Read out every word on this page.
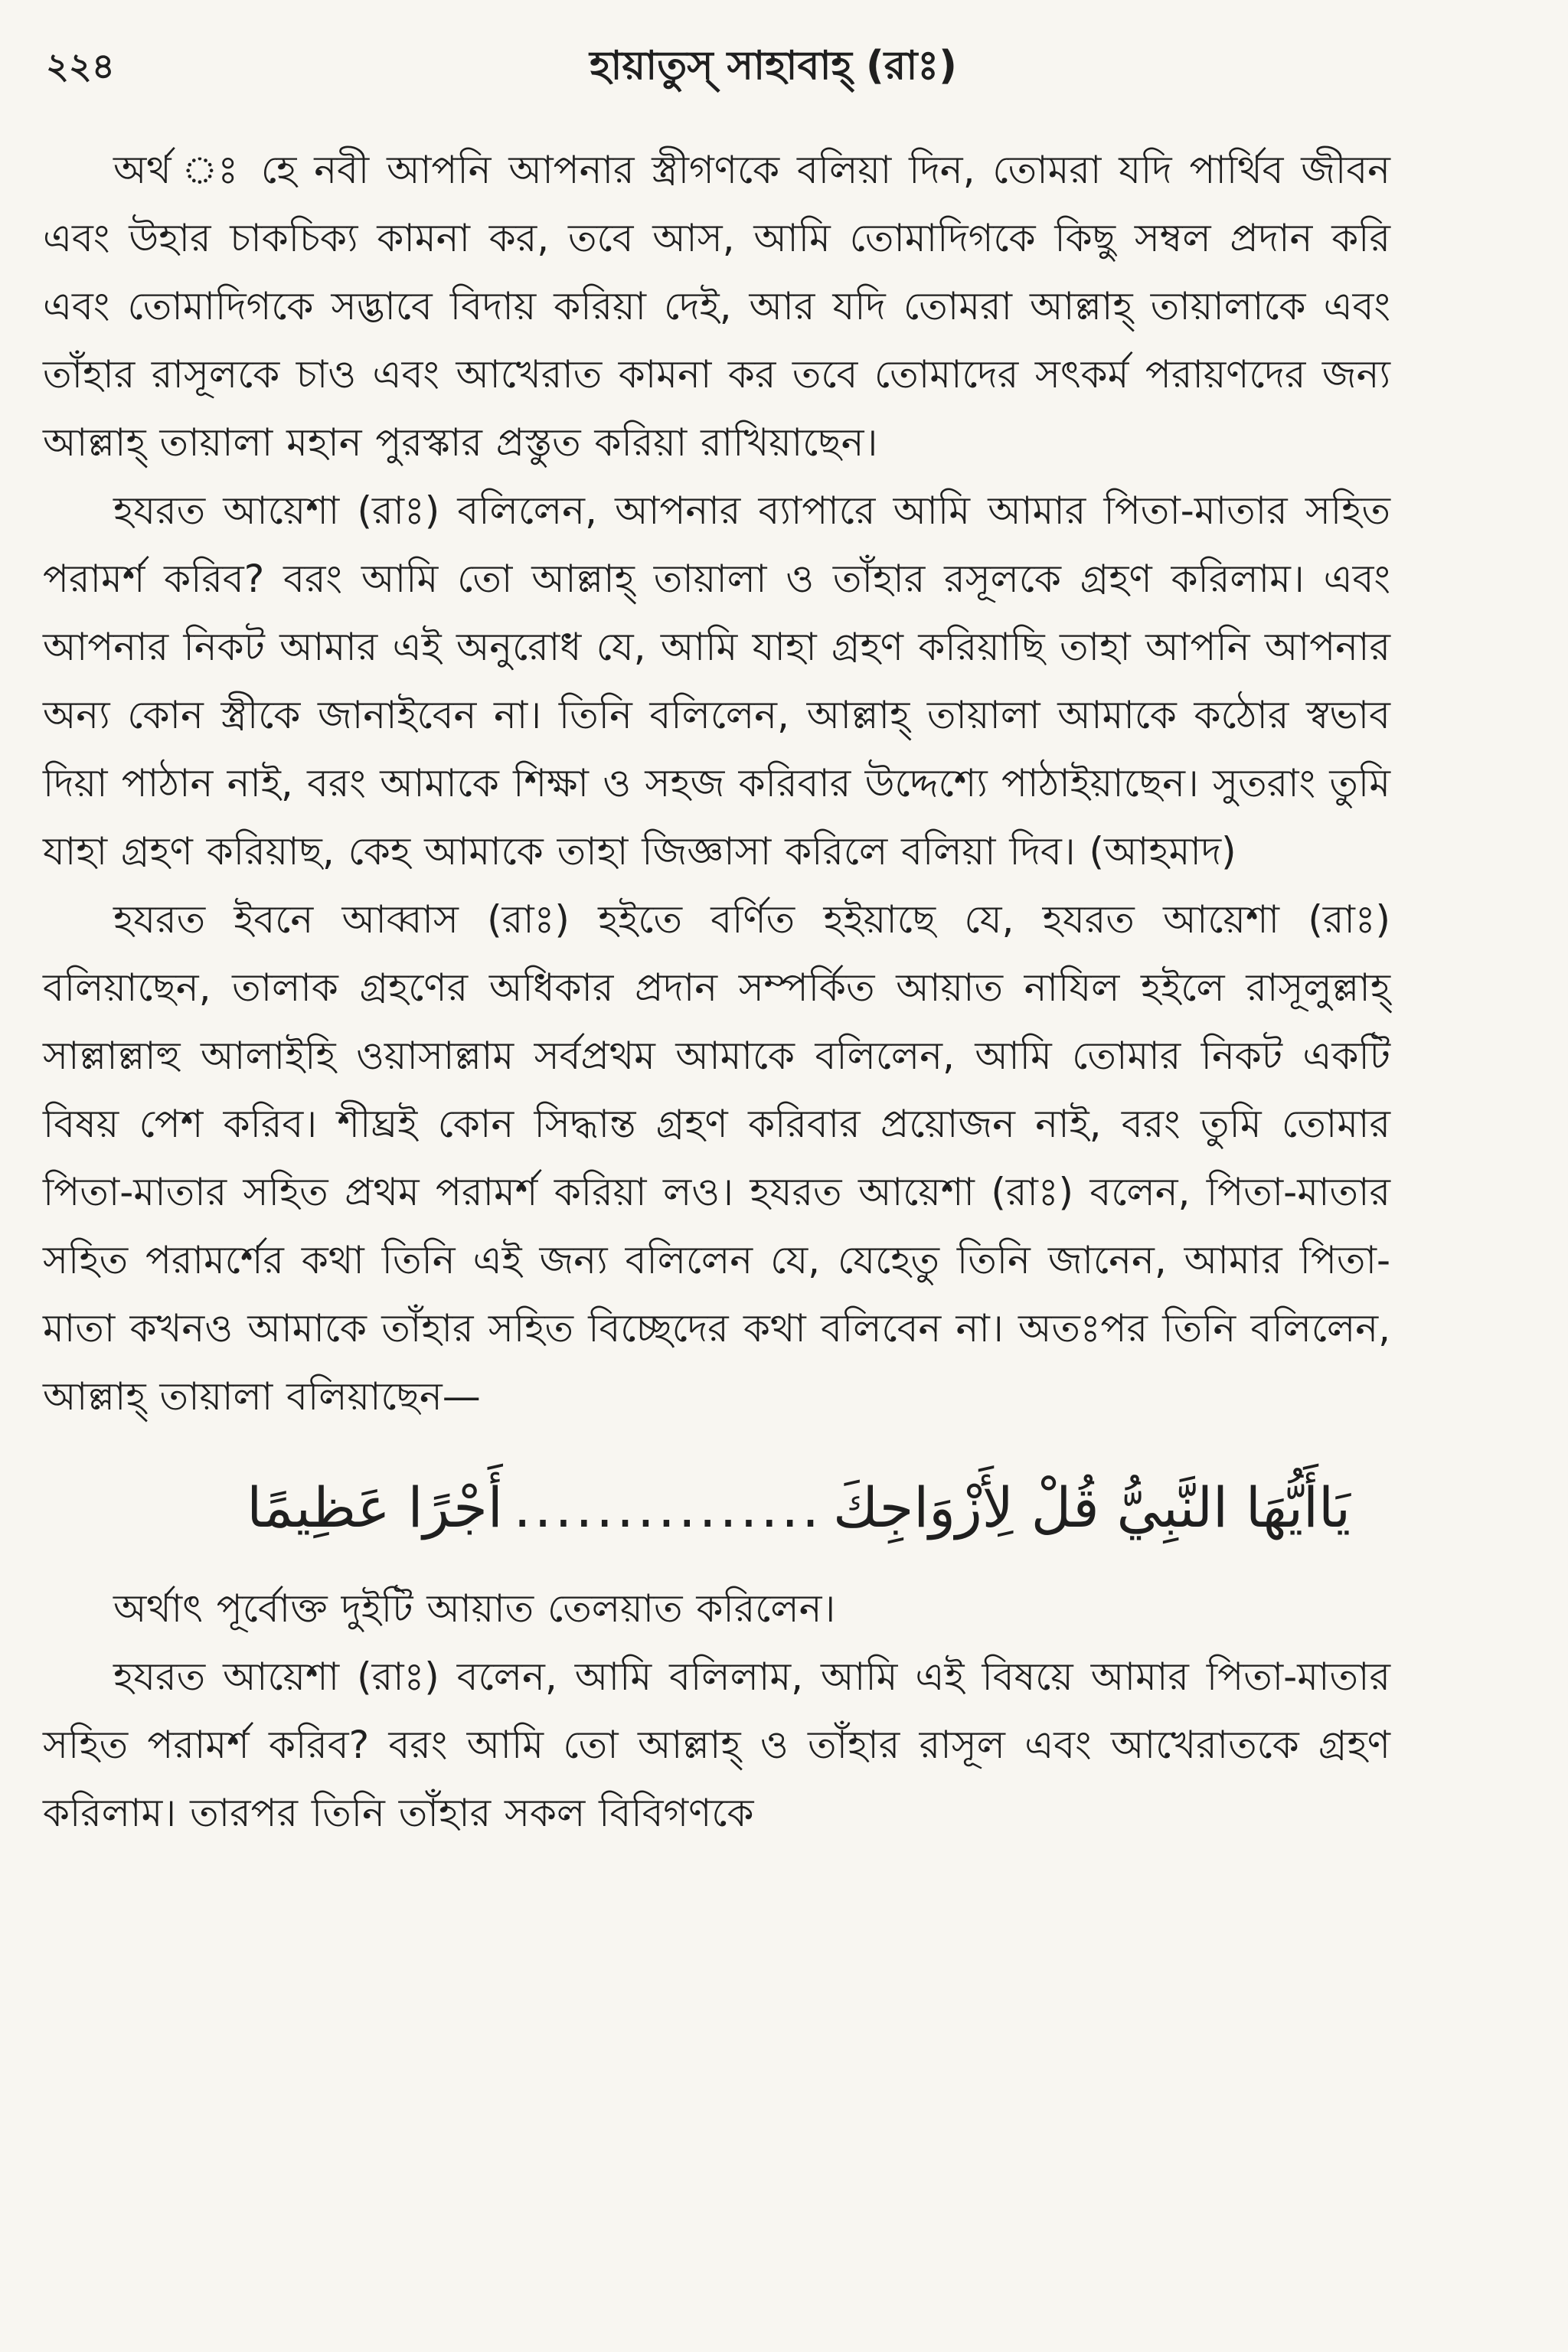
২২৪	হায়াতুস্ সাহাবাহ্ (রাঃ)

অর্থ ঃ হে নবী আপনি আপনার স্ত্রীগণকে বলিয়া দিন, তোমরা যদি পার্থিব জীবন এবং উহার চাকচিক্য কামনা কর, তবে আস, আমি তোমাদিগকে কিছু সম্বল প্রদান করি এবং তোমাদিগকে সদ্ভাবে বিদায় করিয়া দেই, আর যদি তোমরা আল্লাহ্ তায়ালাকে এবং তাঁহার রাসূলকে চাও এবং আখেরাত কামনা কর তবে তোমাদের সৎকর্ম পরায়ণদের জন্য আল্লাহ্ তায়ালা মহান পুরস্কার প্রস্তুত করিয়া রাখিয়াছেন।

হযরত আয়েশা (রাঃ) বলিলেন, আপনার ব্যাপারে আমি আমার পিতা-মাতার সহিত পরামর্শ করিব? বরং আমি তো আল্লাহ্ তায়ালা ও তাঁহার রসূলকে গ্রহণ করিলাম। এবং আপনার নিকট আমার এই অনুরোধ যে, আমি যাহা গ্রহণ করিয়াছি তাহা আপনি আপনার অন্য কোন স্ত্রীকে জানাইবেন না। তিনি বলিলেন, আল্লাহ্ তায়ালা আমাকে কঠোর স্বভাব দিয়া পাঠান নাই, বরং আমাকে শিক্ষা ও সহজ করিবার উদ্দেশ্যে পাঠাইয়াছেন। সুতরাং তুমি যাহা গ্রহণ করিয়াছ, কেহ আমাকে তাহা জিজ্ঞাসা করিলে বলিয়া দিব। (আহমাদ)

হযরত ইবনে আব্বাস (রাঃ) হইতে বর্ণিত হইয়াছে যে, হযরত আয়েশা (রাঃ) বলিয়াছেন, তালাক গ্রহণের অধিকার প্রদান সম্পর্কিত আয়াত নাযিল হইলে রাসূলুল্লাহ্ সাল্লাল্লাহু আলাইহি ওয়াসাল্লাম সর্বপ্রথম আমাকে বলিলেন, আমি তোমার নিকট একটি বিষয় পেশ করিব। শীঘ্রই কোন সিদ্ধান্ত গ্রহণ করিবার প্রয়োজন নাই, বরং তুমি তোমার পিতা-মাতার সহিত প্রথম পরামর্শ করিয়া লও। হযরত আয়েশা (রাঃ) বলেন, পিতা-মাতার সহিত পরামর্শের কথা তিনি এই জন্য বলিলেন যে, যেহেতু তিনি জানেন, আমার পিতা-মাতা কখনও আমাকে তাঁহার সহিত বিচ্ছেদের কথা বলিবেন না। অতঃপর তিনি বলিলেন, আল্লাহ্ তায়ালা বলিয়াছেন—

يَاأَيُّهَا النَّبِيُّ قُلْ لِأَزْوَاجِكَ...............أَجْرًا عَظِيمًا

অর্থাৎ পূর্বোক্ত দুইটি আয়াত তেলয়াত করিলেন।

হযরত আয়েশা (রাঃ) বলেন, আমি বলিলাম, আমি এই বিষয়ে আমার পিতা-মাতার সহিত পরামর্শ করিব? বরং আমি তো আল্লাহ্ ও তাঁহার রাসূল এবং আখেরাতকে গ্রহণ করিলাম। তারপর তিনি তাঁহার সকল বিবিগণকে
